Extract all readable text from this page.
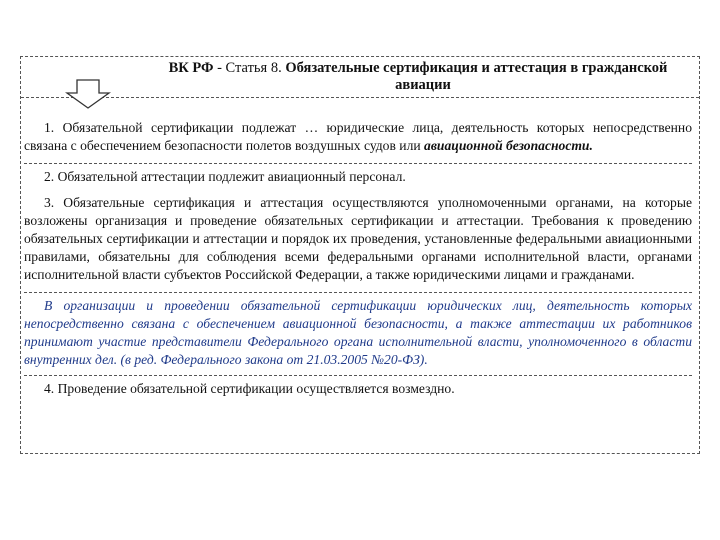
ВК РФ - Статья 8. Обязательные сертификация и аттестация в гражданской
авиации

1. Обязательной сертификации подлежат … юридические лица, деятельность которых непосредственно связана с обеспечением безопасности полетов воздушных судов или авиационной безопасности.

2. Обязательной аттестации подлежит авиационный персонал.

3. Обязательные сертификация и аттестация осуществляются уполномоченными органами, на которые возложены организация и проведение обязательных сертификации и аттестации. Требования к проведению обязательных сертификации и аттестации и порядок их проведения, установленные федеральными авиационными правилами, обязательны для соблюдения всеми федеральными органами исполнительной власти, органами исполнительной власти субъектов Российской Федерации, а также юридическими лицами и гражданами.

В организации и проведении обязательной сертификации юридических лиц, деятельность которых непосредственно связана с обеспечением авиационной безопасности, а также аттестации их работников принимают участие представители Федерального органа исполнительной власти, уполномоченного в области внутренних дел. (в ред. Федерального закона от 21.03.2005 №20-ФЗ).

4. Проведение обязательной сертификации осуществляется возмездно.
